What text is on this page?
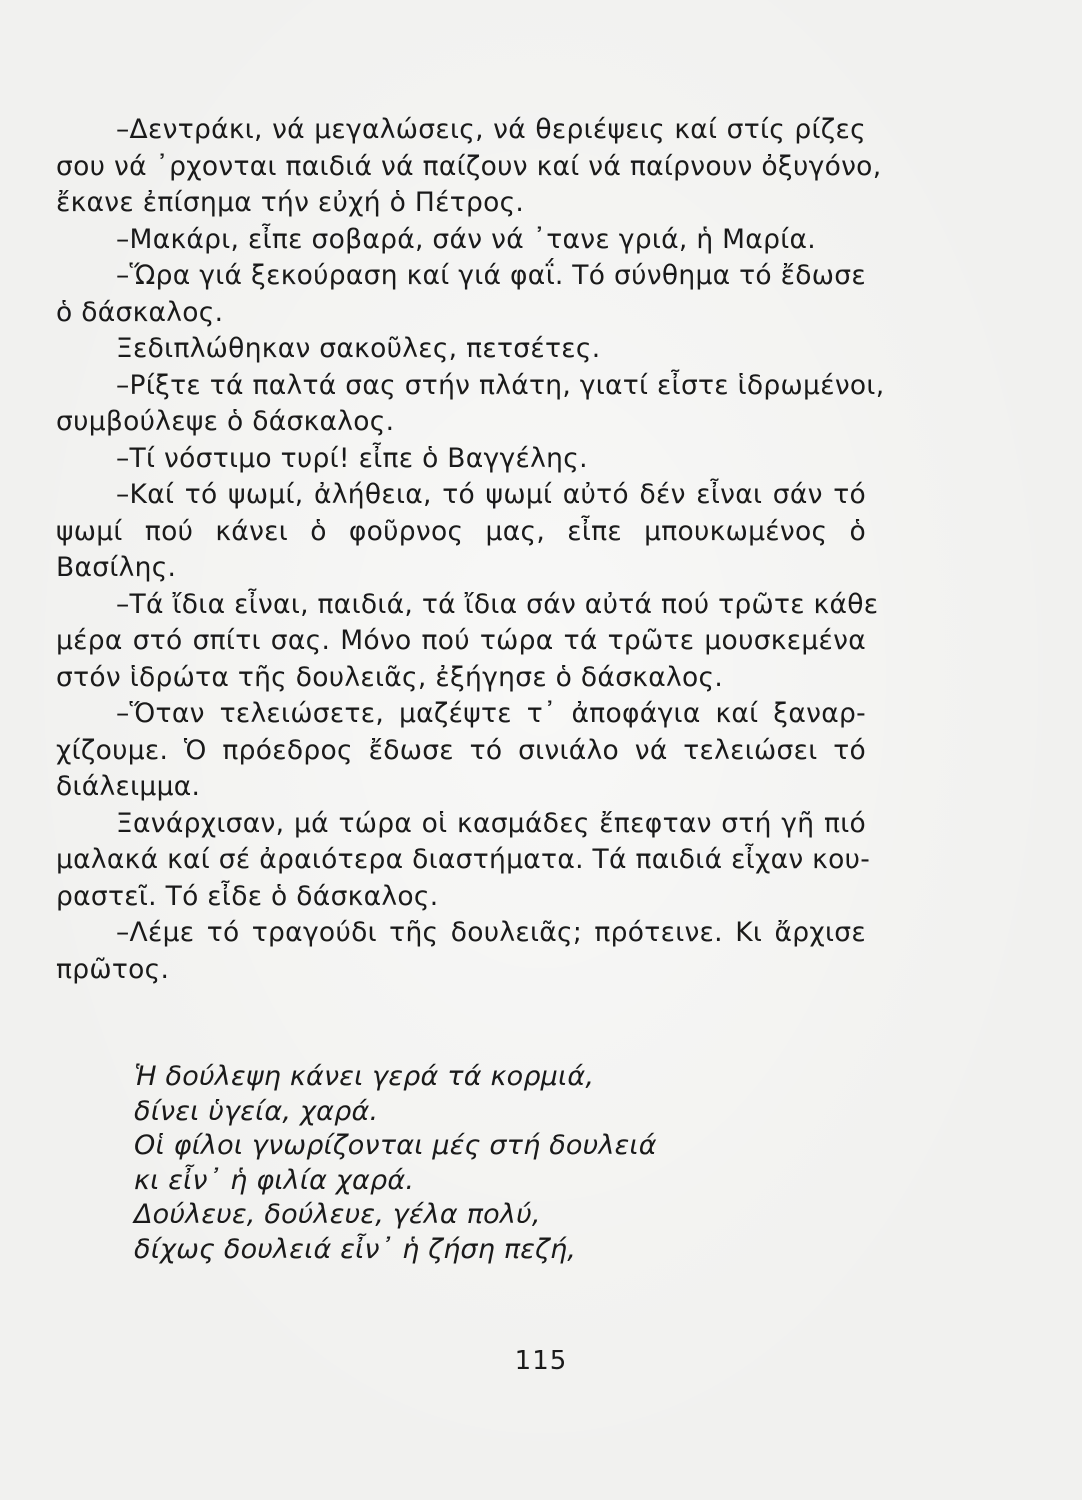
–Δεντράκι, νά μεγαλώσεις, νά θεριέψεις καί στίς ρίζες
σου νά ᾿ρχονται παιδιά νά παίζουν καί νά παίρνουν ὀξυγόνο,
ἔκανε ἐπίσημα τήν εὐχή ὁ Πέτρος.
–Μακάρι, εἶπε σοβαρά, σάν νά ᾿τανε γριά, ἡ Μαρία.
–Ὥρα γιά ξεκούραση καί γιά φαΐ. Τό σύνθημα τό ἔδωσε
ὁ δάσκαλος.
Ξεδιπλώθηκαν σακοῦλες, πετσέτες.
–Ρίξτε τά παλτά σας στήν πλάτη, γιατί εἶστε ἱδρωμένοι,
συμβούλεψε ὁ δάσκαλος.
–Τί νόστιμο τυρί! εἶπε ὁ Βαγγέλης.
–Καί τό ψωμί, ἀλήθεια, τό ψωμί αὐτό δέν εἶναι σάν τό
ψωμί πού κάνει ὁ φοῦρνος μας, εἶπε μπουκωμένος ὁ
Βασίλης.
–Τά ἴδια εἶναι, παιδιά, τά ἴδια σάν αὐτά πού τρῶτε κάθε
μέρα στό σπίτι σας. Μόνο πού τώρα τά τρῶτε μουσκεμένα
στόν ἱδρώτα τῆς δουλειᾶς, ἐξήγησε ὁ δάσκαλος.
–Ὅταν τελειώσετε, μαζέψτε τ᾿ ἀποφάγια καί ξαναρ-
χίζουμε. Ὁ πρόεδρος ἔδωσε τό σινιάλο νά τελειώσει τό
διάλειμμα.
Ξανάρχισαν, μά τώρα οἱ κασμάδες ἔπεφταν στή γῆ πιό
μαλακά καί σέ ἀραιότερα διαστήματα. Τά παιδιά εἶχαν κου-
ραστεῖ. Τό εἶδε ὁ δάσκαλος.
–Λέμε τό τραγούδι τῆς δουλειᾶς; πρότεινε. Κι ἄρχισε
πρῶτος.
Ἡ δούλεψη κάνει γερά τά κορμιά,
δίνει ὑγεία, χαρά.
Οἱ φίλοι γνωρίζονται μές στή δουλειά
κι εἶν᾿ ἡ φιλία χαρά.
Δούλευε, δούλευε, γέλα πολύ,
δίχως δουλειά εἶν᾿ ἡ ζήση πεζή,
115
